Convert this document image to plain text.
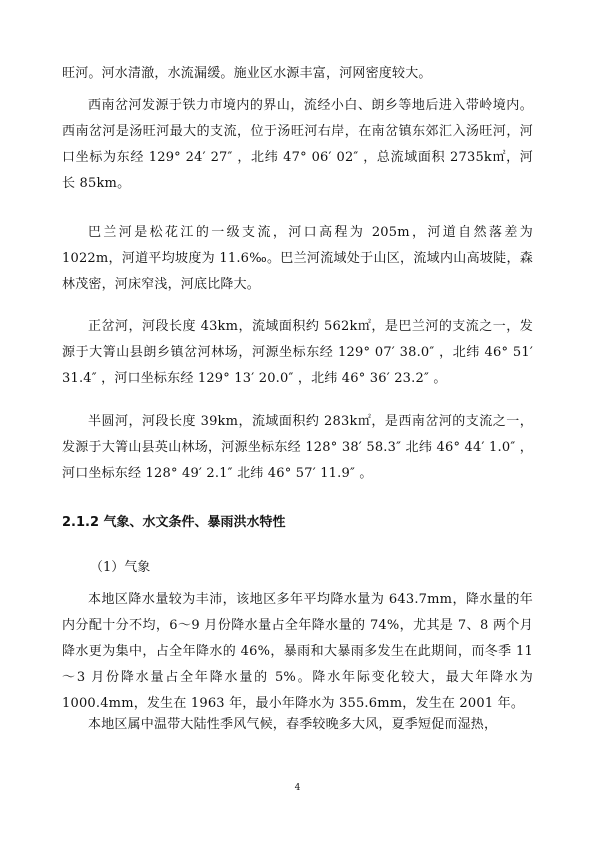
旺河。河水清澈，水流漏缓。施业区水源丰富，河网密度较大。

西南岔河发源于铁力市境内的界山，流经小白、朗乡等地后进入带岭境内。西南岔河是汤旺河最大的支流，位于汤旺河右岸，在南岔镇东郊汇入汤旺河，河口坐标为东经 129° 24′ 27″ ，北纬 47° 06′ 02″ ，总流域面积 2735k㎡，河长 85km。

巴兰河是松花江的一级支流，河口高程为 205m，河道自然落差为 1022m，河道平均坡度为 11.6‰。巴兰河流域处于山区，流域内山高坡陡，森林茂密，河床窄浅，河底比降大。

正岔河，河段长度 43km，流域面积约 562k㎡，是巴兰河的支流之一，发源于大箐山县朗乡镇岔河林场，河源坐标东经 129° 07′ 38.0″ ，北纬 46° 51′ 31.4″ ，河口坐标东经 129° 13′ 20.0″ ，北纬 46° 36′ 23.2″ 。

半圆河，河段长度 39km，流域面积约 283k㎡，是西南岔河的支流之一，发源于大箐山县英山林场，河源坐标东经 128° 38′ 58.3″ 北纬 46° 44′ 1.0″ ，河口坐标东经 128° 49′ 2.1″ 北纬 46° 57′ 11.9″ 。

2.1.2 气象、水文条件、暴雨洪水特性

（1）气象

本地区降水量较为丰沛，该地区多年平均降水量为 643.7mm，降水量的年内分配十分不均，6～9 月份降水量占全年降水量的 74%，尤其是 7、8 两个月降水更为集中，占全年降水的 46%，暴雨和大暴雨多发生在此期间，而冬季 11～3 月份降水量占全年降水量的 5%。降水年际变化较大，最大年降水为 1000.4mm，发生在 1963 年，最小年降水为 355.6mm，发生在 2001 年。

本地区属中温带大陆性季风气候，春季较晚多大风，夏季短促而湿热，

4
